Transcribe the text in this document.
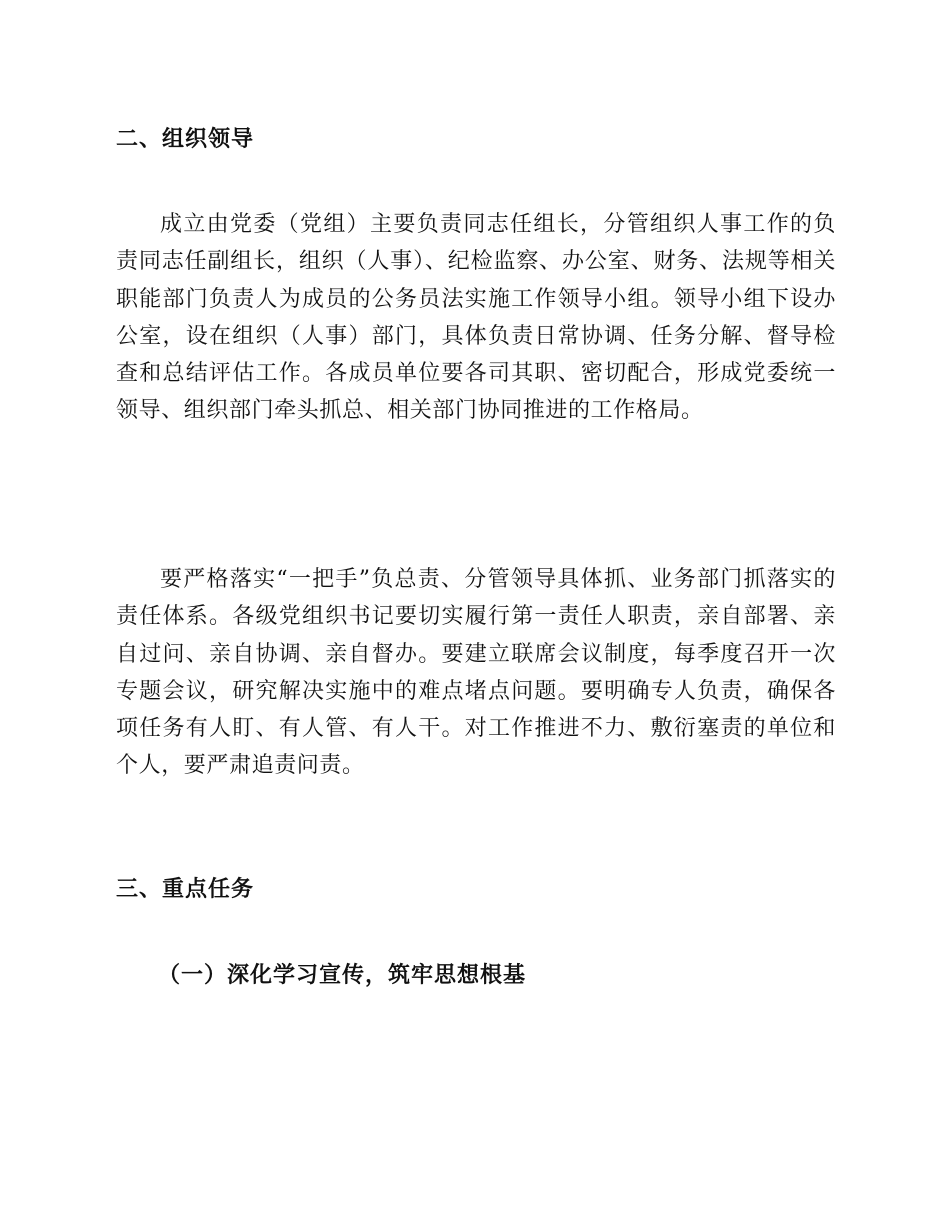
二、组织领导

成立由党委（党组）主要负责同志任组长，分管组织人事工作的负责同志任副组长，组织（人事）、纪检监察、办公室、财务、法规等相关职能部门负责人为成员的公务员法实施工作领导小组。领导小组下设办公室，设在组织（人事）部门，具体负责日常协调、任务分解、督导检查和总结评估工作。各成员单位要各司其职、密切配合，形成党委统一领导、组织部门牵头抓总、相关部门协同推进的工作格局。

要严格落实“一把手”负总责、分管领导具体抓、业务部门抓落实的责任体系。各级党组织书记要切实履行第一责任人职责，亲自部署、亲自过问、亲自协调、亲自督办。要建立联席会议制度，每季度召开一次专题会议，研究解决实施中的难点堵点问题。要明确专人负责，确保各项任务有人盯、有人管、有人干。对工作推进不力、敷衍塞责的单位和个人，要严肃追责问责。

三、重点任务
（一）深化学习宣传，筑牢思想根基
